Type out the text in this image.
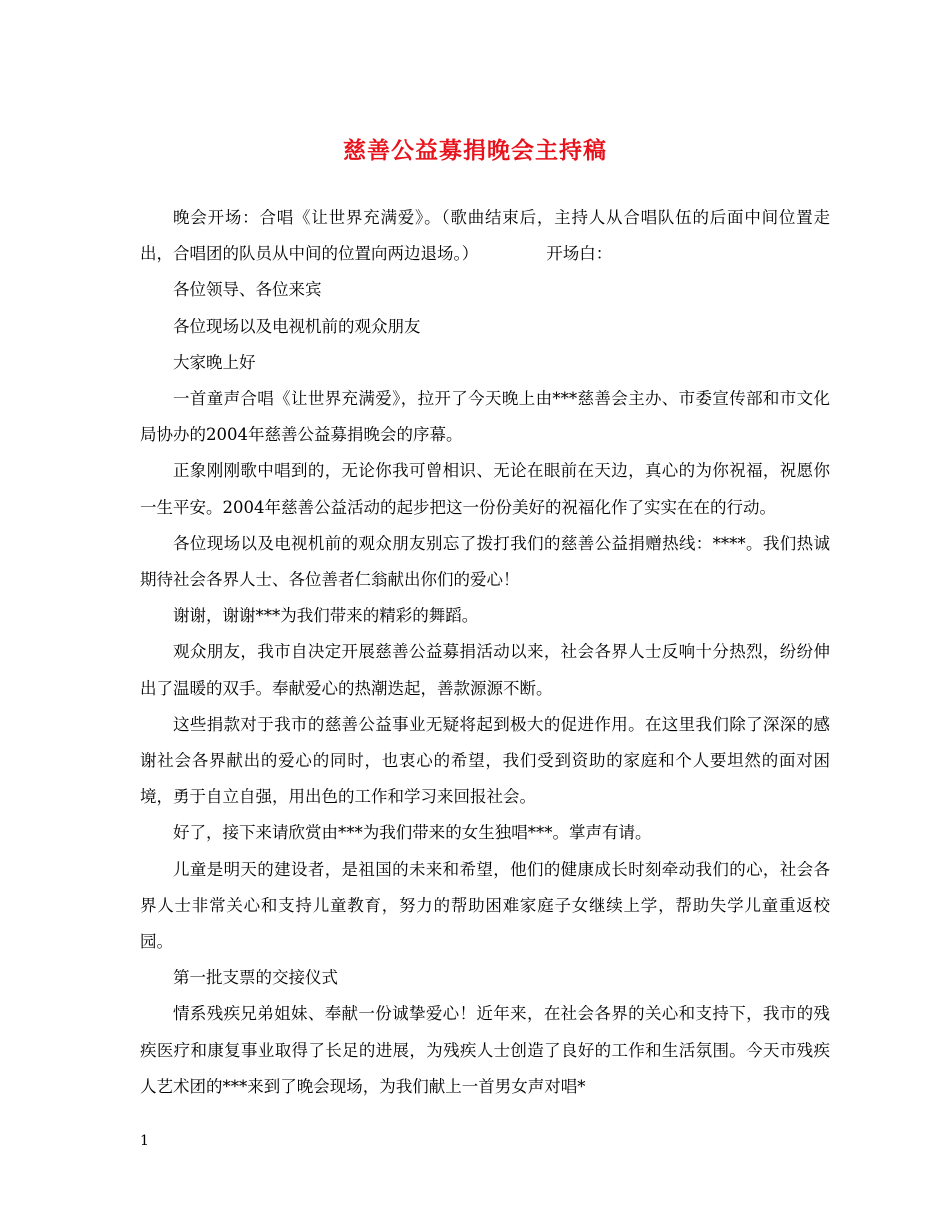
慈善公益募捐晚会主持稿

晚会开场：合唱《让世界充满爱》。（歌曲结束后，主持人从合唱队伍的后面中间位置走出，合唱团的队员从中间的位置向两边退场。）	开场白：

各位领导、各位来宾

各位现场以及电视机前的观众朋友

大家晚上好

一首童声合唱《让世界充满爱》，拉开了今天晚上由***慈善会主办、市委宣传部和市文化局协办的2004年慈善公益募捐晚会的序幕。

正象刚刚歌中唱到的，无论你我可曾相识、无论在眼前在天边，真心的为你祝福，祝愿你一生平安。2004年慈善公益活动的起步把这一份份美好的祝福化作了实实在在的行动。

各位现场以及电视机前的观众朋友别忘了拨打我们的慈善公益捐赠热线：****。我们热诚期待社会各界人士、各位善者仁翁献出你们的爱心！

谢谢，谢谢***为我们带来的精彩的舞蹈。

观众朋友，我市自决定开展慈善公益募捐活动以来，社会各界人士反响十分热烈，纷纷伸出了温暖的双手。奉献爱心的热潮迭起，善款源源不断。

这些捐款对于我市的慈善公益事业无疑将起到极大的促进作用。在这里我们除了深深的感谢社会各界献出的爱心的同时，也衷心的希望，我们受到资助的家庭和个人要坦然的面对困境，勇于自立自强，用出色的工作和学习来回报社会。

好了，接下来请欣赏由***为我们带来的女生独唱***。掌声有请。

儿童是明天的建设者，是祖国的未来和希望，他们的健康成长时刻牵动我们的心，社会各界人士非常关心和支持儿童教育，努力的帮助困难家庭子女继续上学，帮助失学儿童重返校园。

第一批支票的交接仪式

情系残疾兄弟姐妹、奉献一份诚挚爱心！近年来，在社会各界的关心和支持下，我市的残疾医疗和康复事业取得了长足的进展，为残疾人士创造了良好的工作和生活氛围。今天市残疾人艺术团的***来到了晚会现场，为我们献上一首男女声对唱*

1
